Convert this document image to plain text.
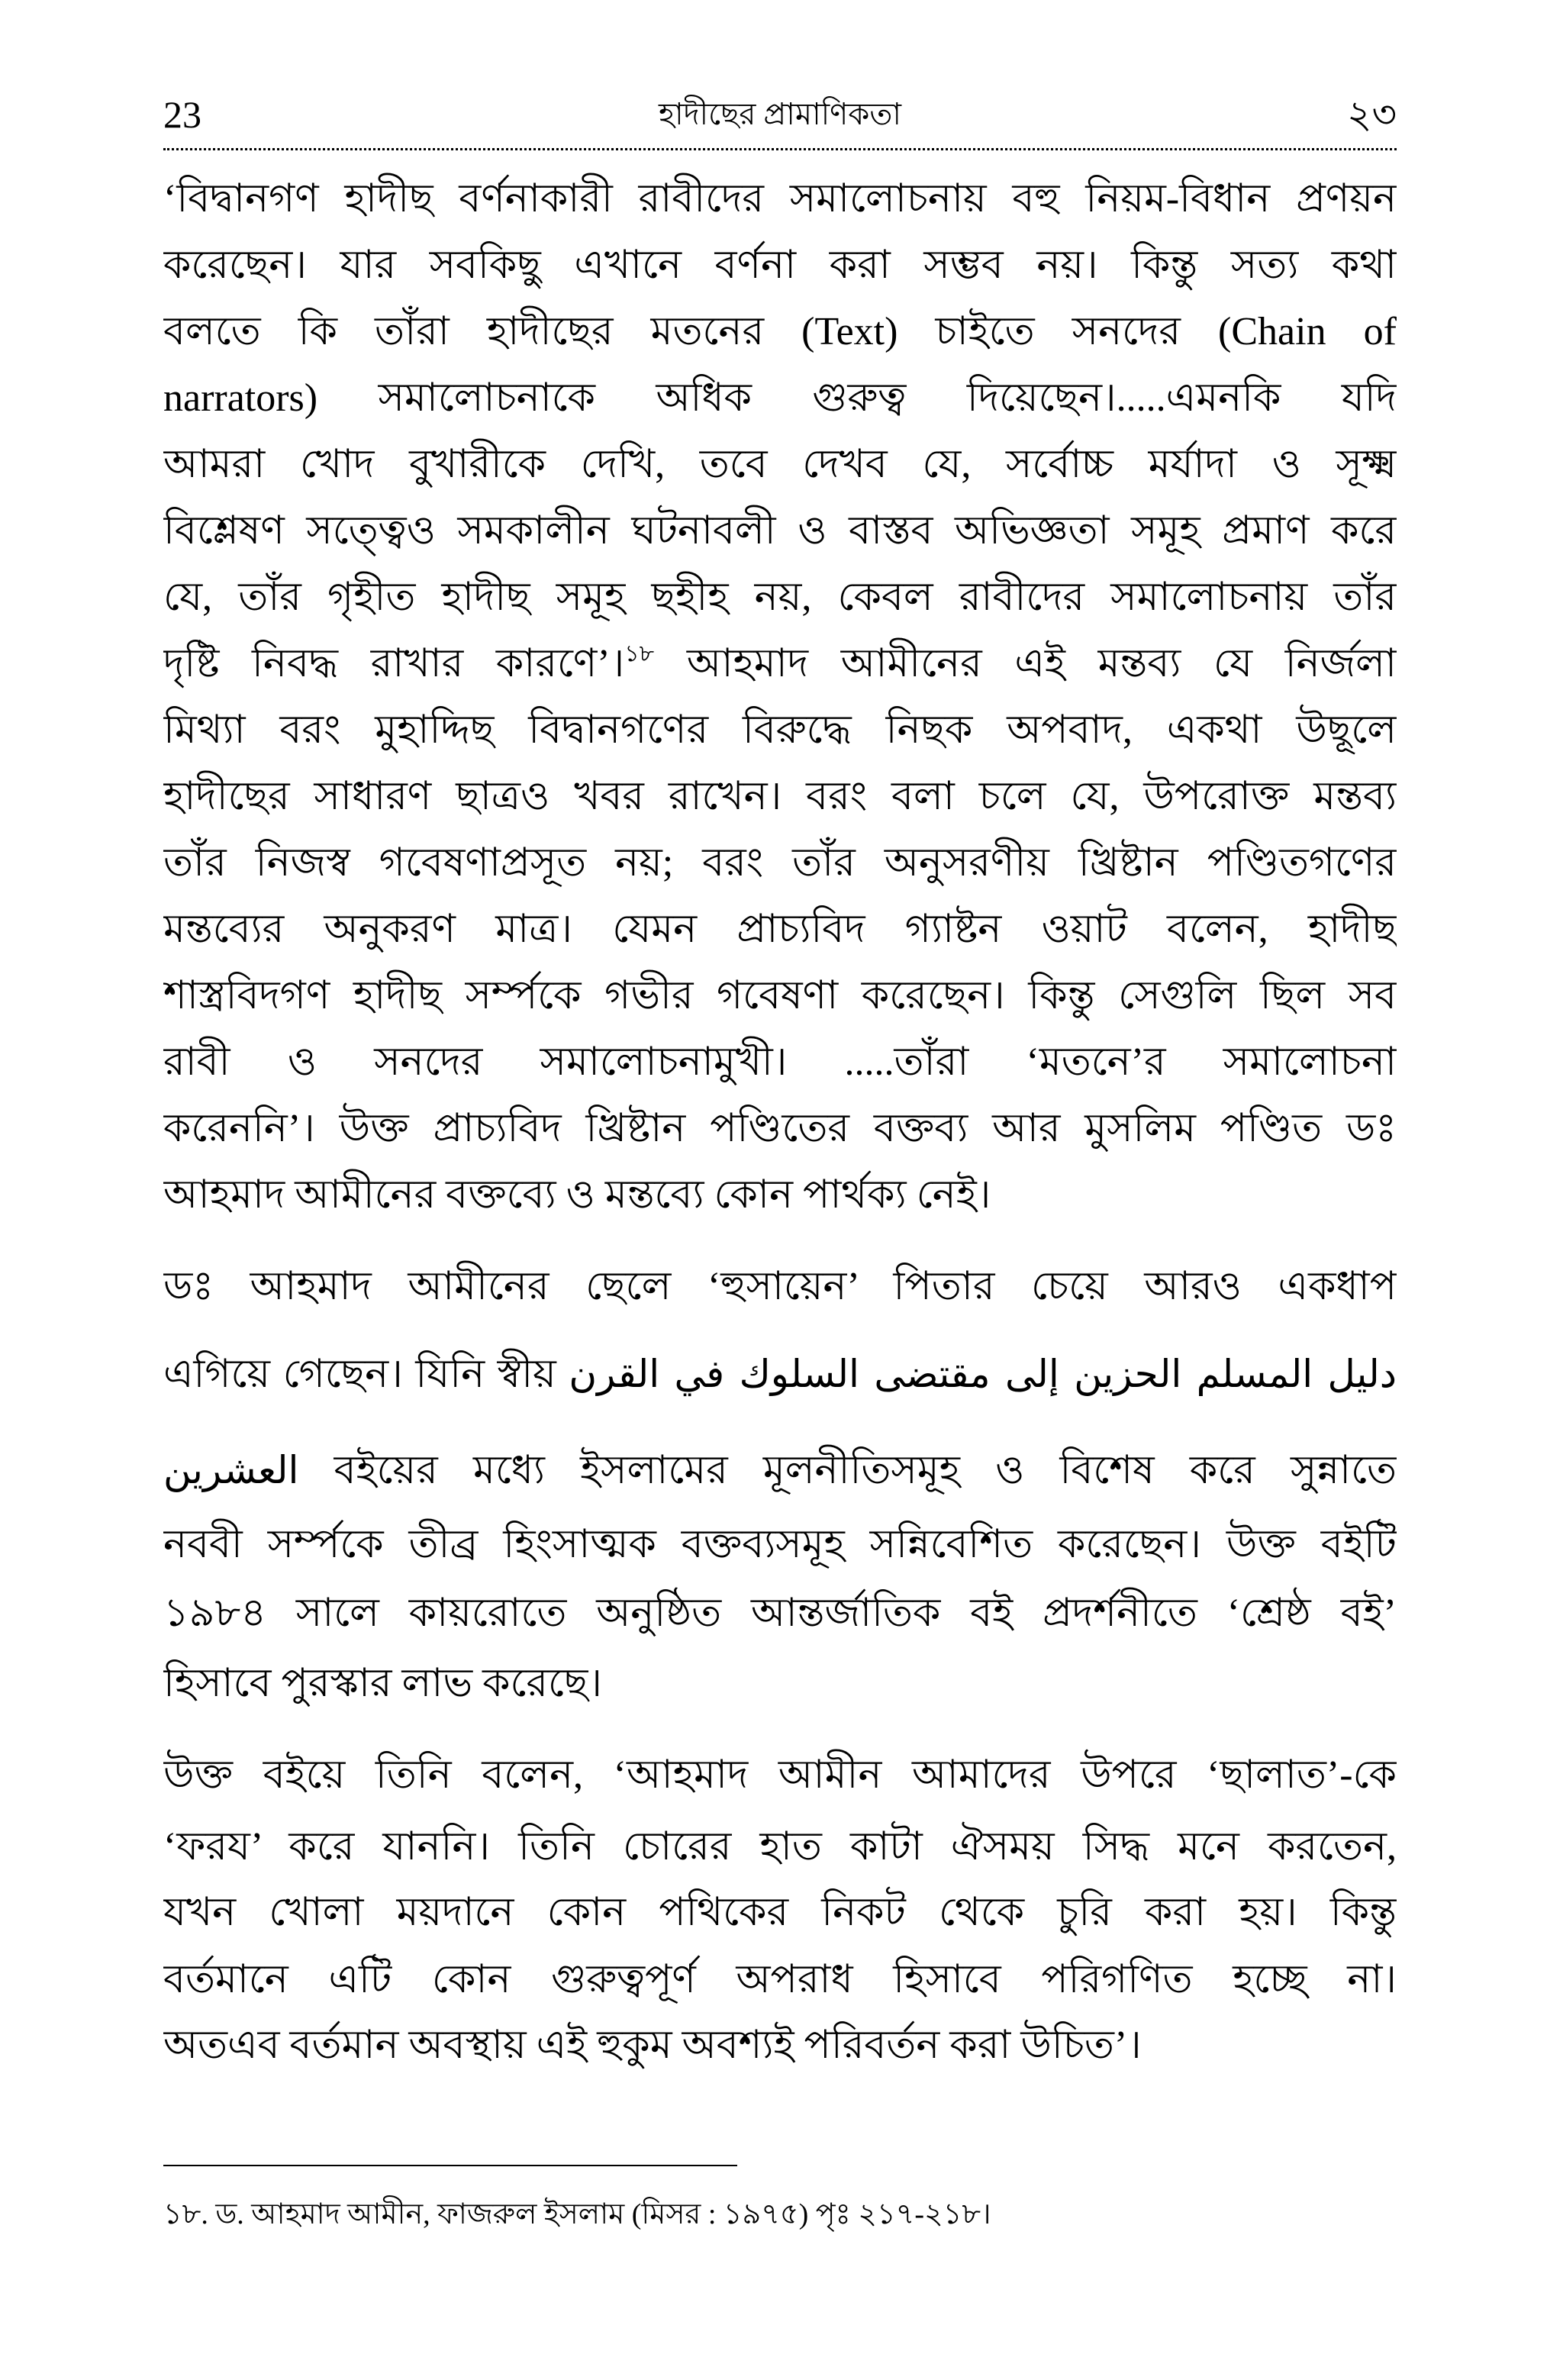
হাদীছের প্রামাণিকতা
23	২৩
‘বিদ্বানগণ হাদীছ বর্ণনাকারী রাবীদের সমালোচনায় বহু নিয়ম-বিধান প্রণয়ন
করেছেন। যার সবকিছু এখানে বর্ণনা করা সম্ভব নয়। কিন্তু সত্য কথা
বলতে কি তাঁরা হাদীছের মতনের (Text) চাইতে সনদের (Chain of
narrators) সমালোচনাকে অধিক গুরুত্ব দিয়েছেন।.....এমনকি যদি
আমরা খোদ বুখারীকে দেখি, তবে দেখব যে, সর্বোচ্চ মর্যাদা ও সূক্ষ্ম
বিশ্লেষণ সত্ত্বেও সমকালীন ঘটনাবলী ও বাস্তব অভিজ্ঞতা সমূহ প্রমাণ করে
যে, তাঁর গৃহীত হাদীছ সমূহ ছহীহ নয়, কেবল রাবীদের সমালোচনায় তাঁর
দৃষ্টি নিবদ্ধ রাখার কারণে’।$^{১৮}$ আহমাদ আমীনের এই মন্তব্য যে নির্জলা
মিথ্যা বরং মুহাদ্দিছ বিদ্বানগণের বিরুদ্ধে নিছক অপবাদ, একথা উছূলে
হাদীছের সাধারণ ছাত্রও খবর রাখেন। বরং বলা চলে যে, উপরোক্ত মন্তব্য
তাঁর নিজস্ব গবেষণাপ্রসূত নয়; বরং তাঁর অনুসরণীয় খ্রিষ্টান পণ্ডিতগণের
মন্তব্যের অনুকরণ মাত্র। যেমন প্রাচ্যবিদ গ্যাষ্টন ওয়াট বলেন, হাদীছ
শাস্ত্রবিদগণ হাদীছ সর্ম্পকে গভীর গবেষণা করেছেন। কিন্তু সেগুলি ছিল সব
রাবী ও সনদের সমালোচনামুখী। .....তাঁরা ‘মতনে’র সমালোচনা
করেননি’। উক্ত প্রাচ্যবিদ খ্রিষ্টান পণ্ডিতের বক্তব্য আর মুসলিম পণ্ডিত ডঃ
আহমাদ আমীনের বক্তব্যে ও মন্তব্যে কোন পার্থক্য নেই।
ডঃ আহমাদ আমীনের ছেলে ‘হুসায়েন’ পিতার চেয়ে আরও একধাপ
এগিয়ে গেছেন। যিনি স্বীয় دليل المسلم الحزين إلى مقتضى السلوك في القرن
العشرين বইয়ের মধ্যে ইসলামের মূলনীতিসমূহ ও বিশেষ করে সুন্নাতে
নববী সর্ম্পকে তীব্র হিংসাত্মক বক্তব্যসমূহ সন্নিবেশিত করেছেন। উক্ত বইটি
১৯৮৪ সালে কায়রোতে অনুষ্ঠিত আন্তর্জাতিক বই প্রদর্শনীতে ‘শ্রেষ্ঠ বই’
হিসাবে পুরস্কার লাভ করেছে।
উক্ত বইয়ে তিনি বলেন, ‘আহমাদ আমীন আমাদের উপরে ‘ছালাত’-কে
‘ফরয’ করে যাননি। তিনি চোরের হাত কাটা ঐসময় সিদ্ধ মনে করতেন,
যখন খোলা ময়দানে কোন পথিকের নিকট থেকে চুরি করা হয়। কিন্তু
বর্তমানে এটি কোন গুরুত্বপূর্ণ অপরাধ হিসাবে পরিগণিত হচ্ছে না।
অতএব বর্তমান অবস্থায় এই হুকুম অবশ্যই পরিবর্তন করা উচিত’।
১৮. ড. আহমাদ আমীন, ফাজরুল ইসলাম (মিসর : ১৯৭৫) পৃঃ ২১৭-২১৮।
